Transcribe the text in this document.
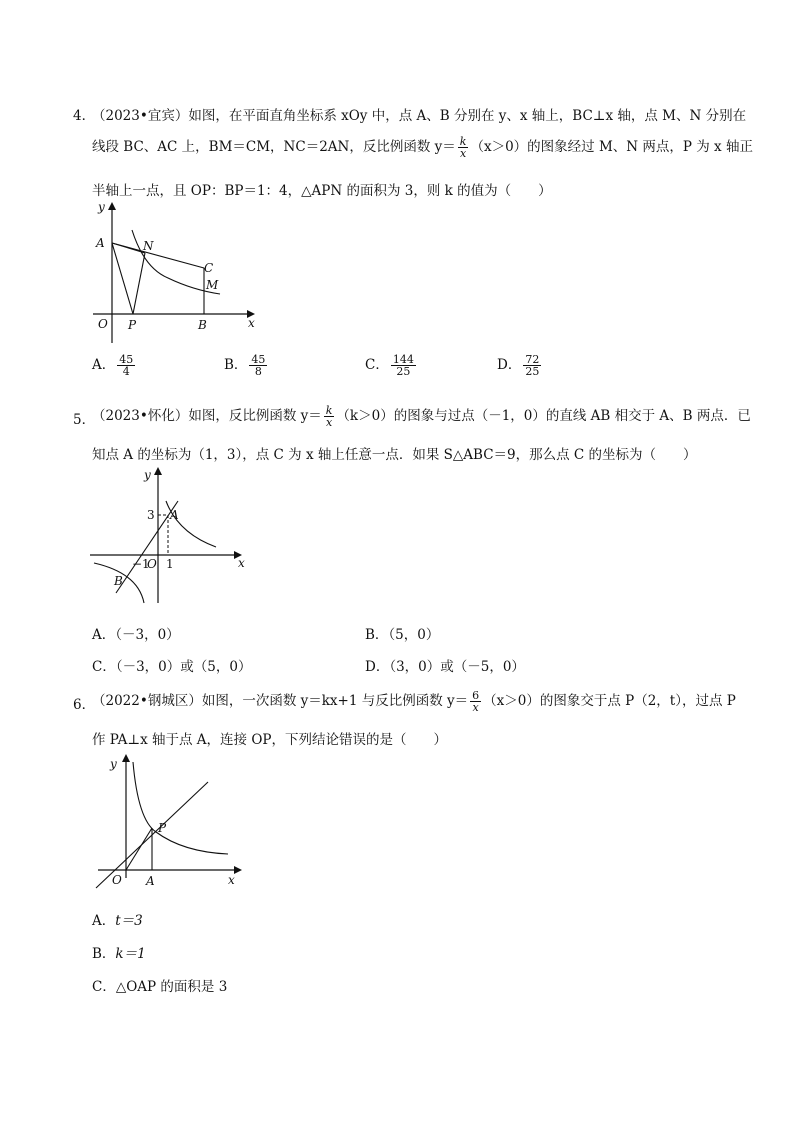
4．
（2023•宜宾）如图，在平面直角坐标系 xOy 中，点 A、B 分别在 y、x 轴上，BC⊥x 轴，点 M、N 分别在
线段 BC、AC 上，BM＝CM，NC＝2AN，反比例函数 $y= \frac{k}{x} (x>0)$的图象经过 M、N 两点，P 为 x 轴正
半轴上一点，且 OP：BP＝1：4，△APN 的面积为 3，则 k 的值为（　　）
y
x
O
A	N
C
M
P	B
A． $\frac{45}{4}$	B． $\frac{45}{8}$	C． $\frac{144}{25}$	D． $\frac{72}{25}$
5．
（2023•怀化）如图，反比例函数 $y= \frac{k}{x} (k>0)$的图象与过点（－1，0）的直线 AB 相交于 A、B 两点．已
知点 A 的坐标为（1，3），点 C 为 x 轴上任意一点．如果 S△ABC＝9，那么点 C 的坐标为（　　）
y
x
3 A
−1
O 1
B
A．（－3，0）	B．（5，0）
C．（－3，0）或（5，0）	D．（3，0）或（－5，0）
6．
（2022•钢城区）如图，一次函数 y＝kx+1 与反比例函数 $y= \frac{6}{x} (x>0)$的图象交于点 P（2，t），过点 P
作 PA⊥x 轴于点 A，连接 OP，下列结论错误的是（　　）
y
x
O A
P
A．t＝3
B．k＝1
C．△OAP 的面积是 3
